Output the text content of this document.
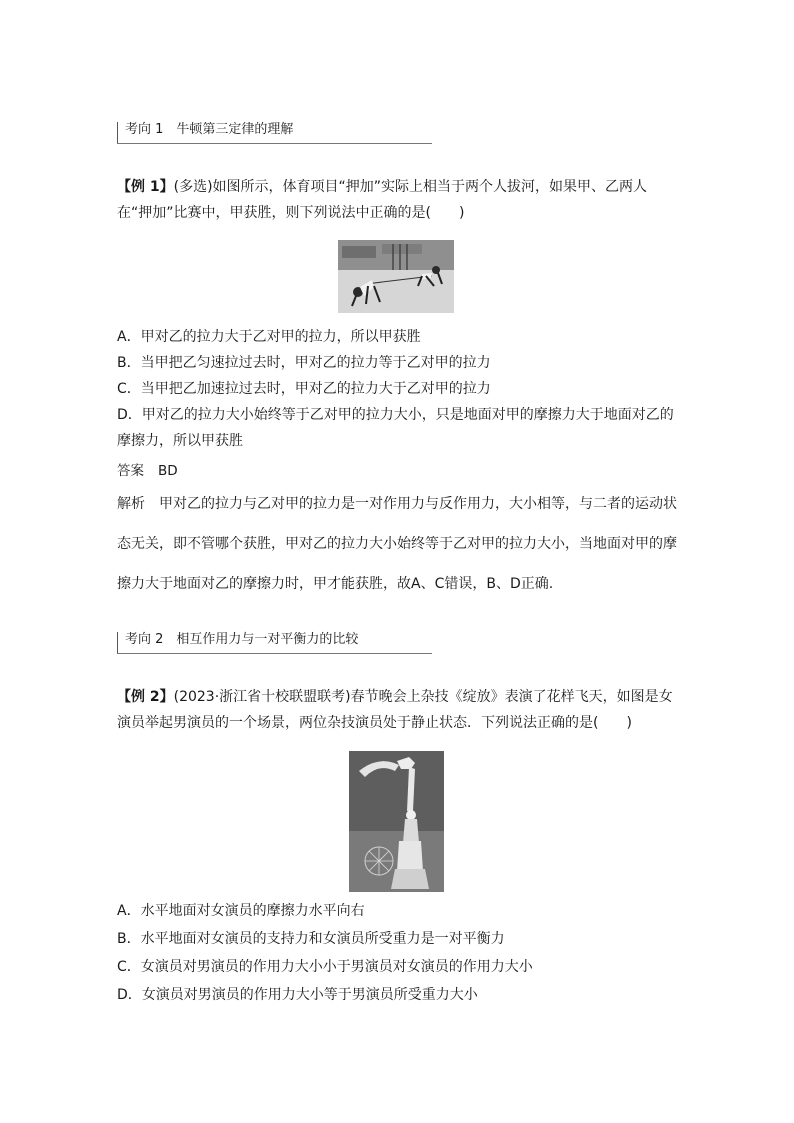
考向 1　牛顿第三定律的理解

【例 1】(多选)如图所示，体育项目“押加”实际上相当于两个人拔河，如果甲、乙两人在“押加”比赛中，甲获胜，则下列说法中正确的是(　　)

A．甲对乙的拉力大于乙对甲的拉力，所以甲获胜

B．当甲把乙匀速拉过去时，甲对乙的拉力等于乙对甲的拉力

C．当甲把乙加速拉过去时，甲对乙的拉力大于乙对甲的拉力

D．甲对乙的拉力大小始终等于乙对甲的拉力大小，只是地面对甲的摩擦力大于地面对乙的

摩擦力，所以甲获胜

答案 BD

解析 甲对乙的拉力与乙对甲的拉力是一对作用力与反作用力，大小相等，与二者的运动状态无关，即不管哪个获胜，甲对乙的拉力大小始终等于乙对甲的拉力大小，当地面对甲的摩擦力大于地面对乙的摩擦力时，甲才能获胜，故A、C错误，B、D正确.

考向 2　相互作用力与一对平衡力的比较

【例 2】(2023·浙江省十校联盟联考)春节晚会上杂技《绽放》表演了花样飞天，如图是女演员举起男演员的一个场景，两位杂技演员处于静止状态．下列说法正确的是(　　)

A．水平地面对女演员的摩擦力水平向右

B．水平地面对女演员的支持力和女演员所受重力是一对平衡力

C．女演员对男演员的作用力大小小于男演员对女演员的作用力大小

D．女演员对男演员的作用力大小等于男演员所受重力大小
